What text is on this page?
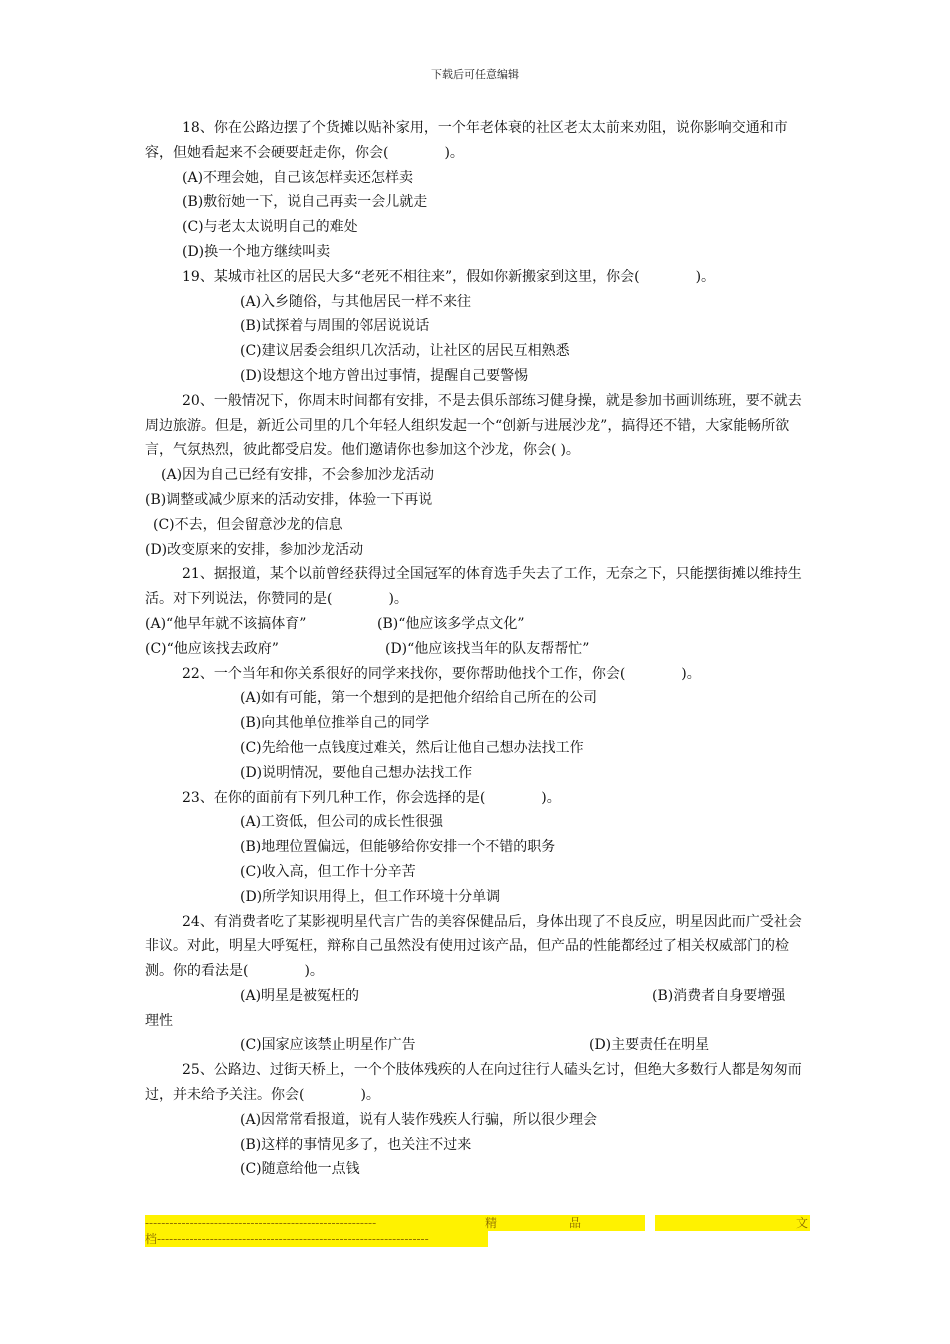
下载后可任意编辑

18、你在公路边摆了个货摊以贴补家用，一个年老体衰的社区老太太前来劝阻，说你影响交通和市容，但她看起来不会硬要赶走你，你会(	)。

(A)不理会她，自己该怎样卖还怎样卖

(B)敷衍她一下，说自己再卖一会儿就走

(C)与老太太说明自己的难处

(D)换一个地方继续叫卖

19、某城市社区的居民大多“老死不相往来”，假如你新搬家到这里，你会(	)。

(A)入乡随俗，与其他居民一样不来往

(B)试探着与周围的邻居说说话

(C)建议居委会组织几次活动，让社区的居民互相熟悉

(D)设想这个地方曾出过事情，提醒自己要警惕

20、一般情况下，你周末时间都有安排，不是去俱乐部练习健身操，就是参加书画训练班，要不就去周边旅游。但是，新近公司里的几个年轻人组织发起一个“创新与进展沙龙”，搞得还不错，大家能畅所欲言，气氛热烈，彼此都受启发。他们邀请你也参加这个沙龙，你会( )。

(A)因为自己已经有安排，不会参加沙龙活动

(B)调整或减少原来的活动安排，体验一下再说

(C)不去，但会留意沙龙的信息

(D)改变原来的安排，参加沙龙活动

21、据报道，某个以前曾经获得过全国冠军的体育选手失去了工作，无奈之下，只能摆街摊以维持生活。对下列说法，你赞同的是(	)。

(A)“他早年就不该搞体育”	(B)“他应该多学点文化”
(C)“他应该找去政府”	(D)“他应该找当年的队友帮帮忙”

22、一个当年和你关系很好的同学来找你，要你帮助他找个工作，你会(	)。

(A)如有可能，第一个想到的是把他介绍给自己所在的公司

(B)向其他单位推举自己的同学

(C)先给他一点钱度过难关，然后让他自己想办法找工作

(D)说明情况，要他自己想办法找工作

23、在你的面前有下列几种工作，你会选择的是(	)。

(A)工资低，但公司的成长性很强

(B)地理位置偏远，但能够给你安排一个不错的职务

(C)收入高，但工作十分辛苦

(D)所学知识用得上，但工作环境十分单调

24、有消费者吃了某影视明星代言广告的美容保健品后，身体出现了不良反应，明星因此而广受社会非议。对此，明星大呼冤枉，辩称自己虽然没有使用过该产品，但产品的性能都经过了相关权威部门的检测。你的看法是(	)。

(A)明星是被冤枉的	(B)消费者自身要增强

理性

(C)国家应该禁止明星作广告	(D)主要责任在明星

25、公路边、过街天桥上，一个个肢体残疾的人在向过往行人磕头乞讨，但绝大多数行人都是匆匆而过，并未给予关注。你会(	)。

(A)因常常看报道，说有人装作残疾人行骗，所以很少理会

(B)这样的事情见多了，也关注不过来

(C)随意给他一点钱

---------------------------------------------------------	精	品	文
档-------------------------------------------------------------------
